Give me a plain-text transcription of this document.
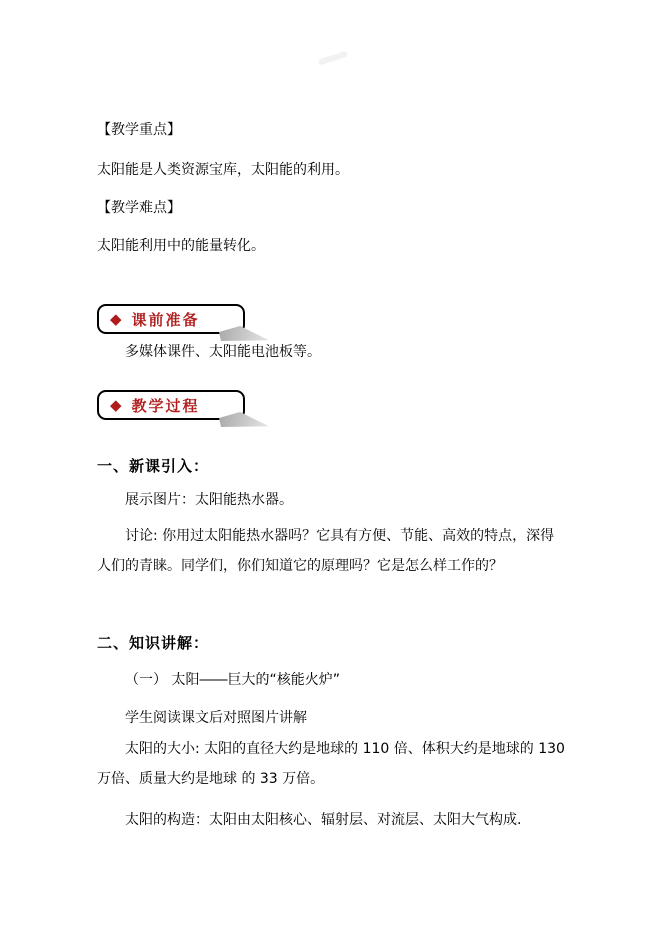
【教学重点】

太阳能是人类资源宝库，太阳能的利用。

【教学难点】

太阳能利用中的能量转化。

◆ 课前准备

多媒体课件、太阳能电池板等。

◆ 教学过程

一、新课引入：

展示图片：太阳能热水器。

讨论: 你用过太阳能热水器吗？它具有方便、节能、高效的特点，深得人们的青睐。同学们，你们知道它的原理吗？它是怎么样工作的？

二、知识讲解：

（一） 太阳――巨大的“核能火炉”

学生阅读课文后对照图片讲解

太阳的大小: 太阳的直径大约是地球的 110 倍、体积大约是地球的 130 万倍、质量大约是地球 的 33 万倍。

太阳的构造：太阳由太阳核心、辐射层、对流层、太阳大气构成.
